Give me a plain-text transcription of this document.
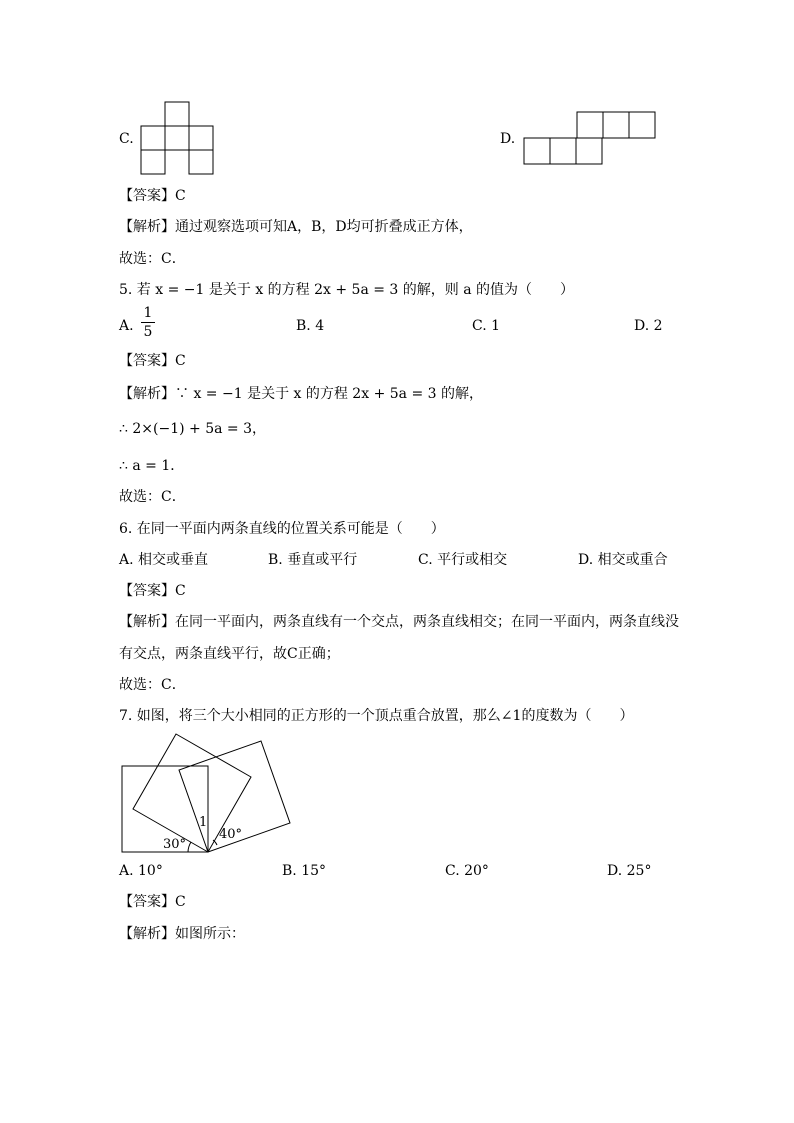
C.	D.
【答案】C
【解析】通过观察选项可知A，B，D均可折叠成正方体，
故选：C．
5. 若 x = −1 是关于 x 的方程 2x + 5a = 3 的解，则 a 的值为（　　）
A.
1
5	B. 4	C. 1	D. 2
【答案】C
【解析】∵ x = −1 是关于 x 的方程 2x + 5a = 3 的解，
∴ 2×(−1) + 5a = 3，
∴ a = 1．
故选：C．
6. 在同一平面内两条直线的位置关系可能是（　　）
A. 相交或垂直	B. 垂直或平行	C. 平行或相交	D. 相交或重合
【答案】C
【解析】在同一平面内，两条直线有一个交点，两条直线相交；在同一平面内，两条直线没
有交点，两条直线平行，故C正确；
故选：C．
7. 如图，将三个大小相同的正方形的一个顶点重合放置，那么∠1的度数为（　　）
30°
1
40°
A. 10°	B. 15°	C. 20°	D. 25°
【答案】C
【解析】如图所示：
